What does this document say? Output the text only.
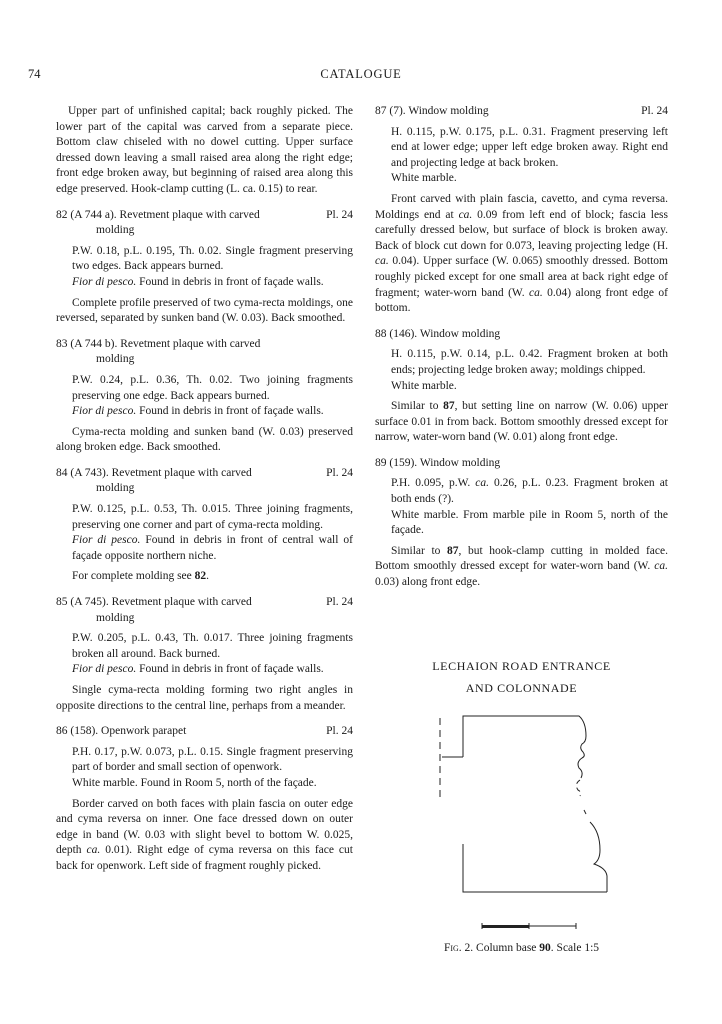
74	CATALOGUE

Upper part of unfinished capital; back roughly picked. The lower part of the capital was carved from a separate piece. Bottom claw chiseled with no dowel cutting. Upper surface dressed down leaving a small raised area along the right edge; front edge broken away, but beginning of raised area along this edge preserved. Hook-clamp cutting (L. ca. 0.15) to rear.

82 (A 744 a). Revetment plaque with carved	Pl. 24
molding

P.W. 0.18, p.L. 0.195, Th. 0.02. Single fragment preserving two edges. Back appears burned.

Fior di pesco. Found in debris in front of façade walls.

Complete profile preserved of two cyma-recta moldings, one reversed, separated by sunken band (W. 0.03). Back smoothed.

83 (A 744 b). Revetment plaque with carved
molding

P.W. 0.24, p.L. 0.36, Th. 0.02. Two joining fragments preserving one edge. Back appears burned.

Fior di pesco. Found in debris in front of façade walls.

Cyma-recta molding and sunken band (W. 0.03) preserved along broken edge. Back smoothed.

84 (A 743). Revetment plaque with carved	Pl. 24
molding

P.W. 0.125, p.L. 0.53, Th. 0.015. Three joining fragments, preserving one corner and part of cyma-recta molding.

Fior di pesco. Found in debris in front of central wall of façade opposite northern niche.

For complete molding see 82.

85 (A 745). Revetment plaque with carved	Pl. 24
molding

P.W. 0.205, p.L. 0.43, Th. 0.017. Three joining fragments broken all around. Back burned.

Fior di pesco. Found in debris in front of façade walls.

Single cyma-recta molding forming two right angles in opposite directions to the central line, perhaps from a meander.

86 (158). Openwork parapet	Pl. 24

P.H. 0.17, p.W. 0.073, p.L. 0.15. Single fragment preserving part of border and small section of openwork.

White marble. Found in Room 5, north of the façade.

Border carved on both faces with plain fascia on outer edge and cyma reversa on inner. One face dressed down on outer edge in band (W. 0.03 with slight bevel to bottom W. 0.025, depth ca. 0.01). Right edge of cyma reversa on this face cut back for openwork. Left side of fragment roughly picked.

87 (7). Window molding	Pl. 24

H. 0.115, p.W. 0.175, p.L. 0.31. Fragment preserving left end at lower edge; upper left edge broken away. Right end and projecting ledge at back broken.

White marble.

Front carved with plain fascia, cavetto, and cyma reversa. Moldings end at ca. 0.09 from left end of block; fascia less carefully dressed below, but surface of block is broken away. Back of block cut down for 0.073, leaving projecting ledge (H. ca. 0.04). Upper surface (W. 0.065) smoothly dressed. Bottom roughly picked except for one small area at back right edge of fragment; water-worn band (W. ca. 0.04) along front edge of bottom.

88 (146). Window molding

H. 0.115, p.W. 0.14, p.L. 0.42. Fragment broken at both ends; projecting ledge broken away; moldings chipped.

White marble.

Similar to 87, but setting line on narrow (W. 0.06) upper surface 0.01 in from back. Bottom smoothly dressed except for narrow, water-worn band (W. 0.01) along front edge.

89 (159). Window molding

P.H. 0.095, p.W. ca. 0.26, p.L. 0.23. Fragment broken at both ends (?).

White marble. From marble pile in Room 5, north of the façade.

Similar to 87, but hook-clamp cutting in molded face. Bottom smoothly dressed except for water-worn band (W. ca. 0.03) along front edge.

LECHAION ROAD ENTRANCE
AND COLONNADE
Fig. 2. Column base 90. Scale 1:5
